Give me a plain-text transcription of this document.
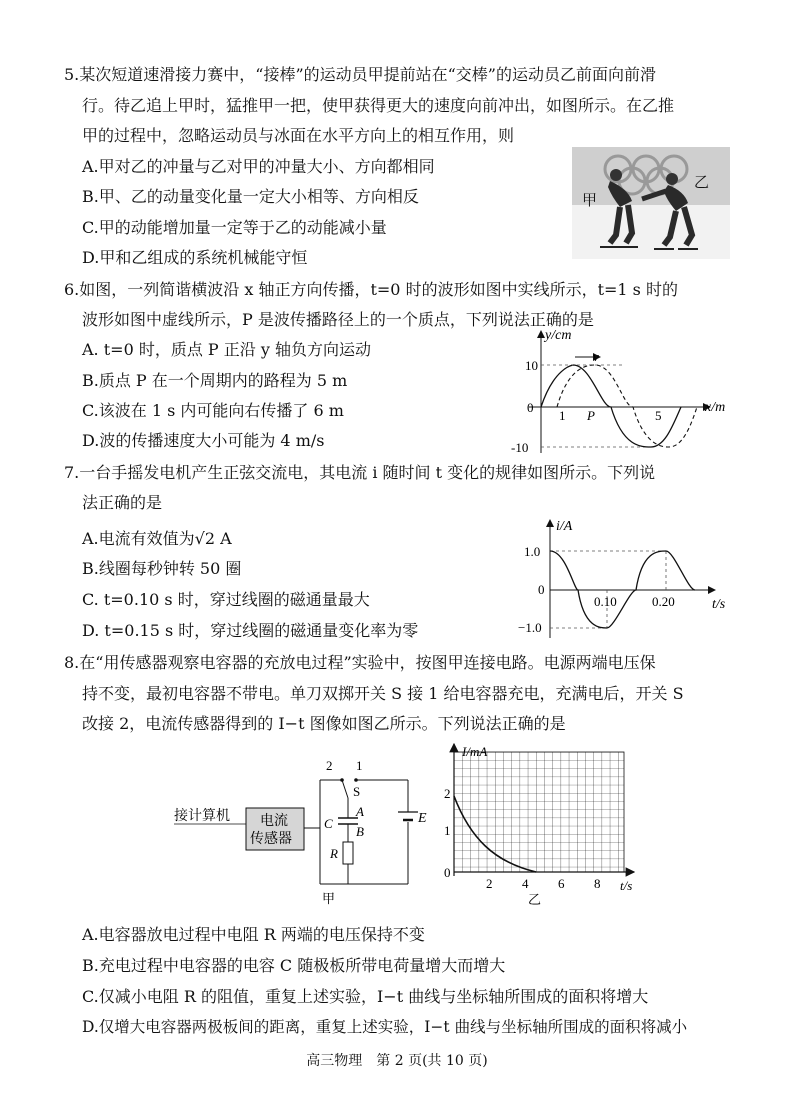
5.某次短道速滑接力赛中，“接棒”的运动员甲提前站在“交棒”的运动员乙前面向前滑
行。待乙追上甲时，猛推甲一把，使甲获得更大的速度向前冲出，如图所示。在乙推
甲的过程中，忽略运动员与冰面在水平方向上的相互作用，则
A.甲对乙的冲量与乙对甲的冲量大小、方向都相同
B.甲、乙的动量变化量一定大小相等、方向相反
C.甲的动能增加量一定等于乙的动能减小量
D.甲和乙组成的系统机械能守恒
甲
乙
6.如图，一列简谐横波沿 x 轴正方向传播，t=0 时的波形如图中实线所示，t=1 s 时的
波形如图中虚线所示，P 是波传播路径上的一个质点，下列说法正确的是
A. t=0 时，质点 P 正沿 y 轴负方向运动
B.质点 P 在一个周期内的路程为 5 m
C.该波在 1 s 内可能向右传播了 6 m
D.波的传播速度大小可能为 4 m/s
y/cm
x/m
10
0
-10
1 P	5
v
7.一台手摇发电机产生正弦交流电，其电流 i 随时间 t 变化的规律如图所示。下列说
法正确的是
A.电流有效值为√2 A
B.线圈每秒钟转 50 圈
C. t=0.10 s 时，穿过线圈的磁通量最大
D. t=0.15 s 时，穿过线圈的磁通量变化率为零
i/A
t/s
1.0
0
−1.0
0.10	0.20
8.在“用传感器观察电容器的充放电过程”实验中，按图甲连接电路。电源两端电压保
持不变，最初电容器不带电。单刀双掷开关 S 接 1 给电容器充电，充满电后，开关 S
改接 2，电流传感器得到的 I−t 图像如图乙所示。下列说法正确的是
接计算机 电流
传感器
E
2 1
S
C
A
B
R
甲
I/mA
2
1
0
2 4 6 8 t/s
乙
A.电容器放电过程中电阻 R 两端的电压保持不变
B.充电过程中电容器的电容 C 随极板所带电荷量增大而增大
C.仅减小电阻 R 的阻值，重复上述实验，I−t 曲线与坐标轴所围成的面积将增大
D.仅增大电容器两极板间的距离，重复上述实验，I−t 曲线与坐标轴所围成的面积将减小
高三物理　第 2 页(共 10 页)
